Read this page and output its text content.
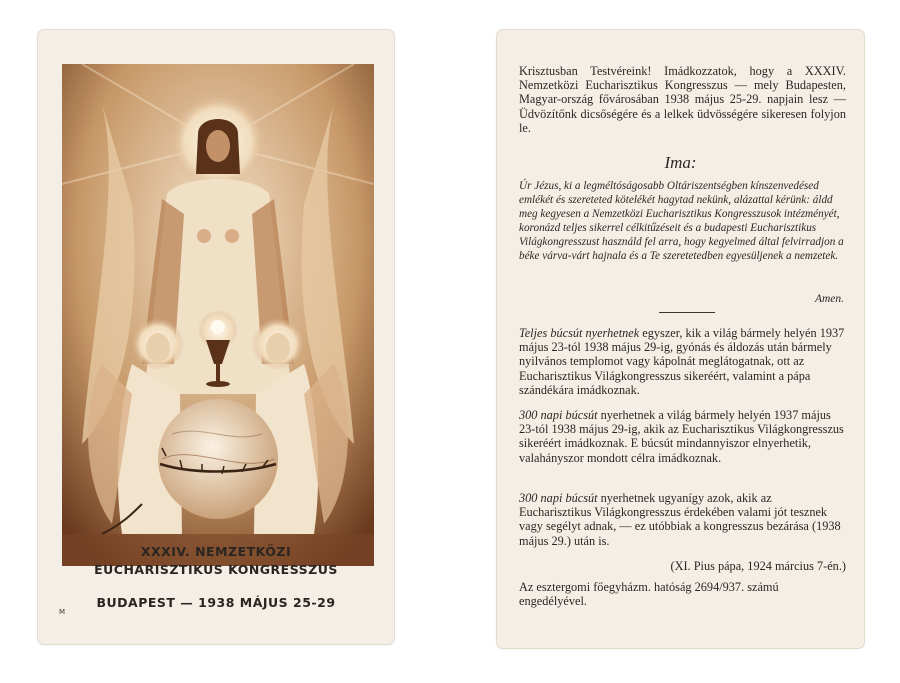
XXXIV. NEMZETKÖZI
EUCHARISZTIKUS KONGRESSZUS
BUDAPEST — 1938 MÁJUS 25-29
M

Krisztusban Testvéreink! Imádkozzatok, hogy a XXXIV. Nemzetközi Eucharisztikus Kongresszus — mely Budapesten, Magyar-ország fővárosában 1938 május 25-29. napjain lesz — Üdvözítőnk dicsőségére és a lelkek üdvösségére sikeresen folyjon le.

Ima:

Úr Jézus, ki a legméltóságosabb Oltáriszentségben kínszenvedésed emlékét és szereteted kötelékét hagytad nekünk, alázattal kérünk: áldd meg kegyesen a Nemzetközi Eucharisztikus Kongresszusok intézményét, koronázd teljes sikerrel célkitűzéseit és a budapesti Eucharisztikus Világkongresszust használd fel arra, hogy kegyelmed által felvirradjon a béke várva-várt hajnala és a Te szeretetedben egyesüljenek a nemzetek.

Amen.

Teljes búcsút nyerhetnek egyszer, kik a világ bármely helyén 1937 május 23-tól 1938 május 29-ig, gyónás és áldozás után bármely nyilvános templomot vagy kápolnát meglátogatnak, ott az Eucharisztikus Világkongresszus sikeréért, valamint a pápa szándékára imádkoznak.

300 napi búcsút nyerhetnek a világ bármely helyén 1937 május 23-tól 1938 május 29-ig, akik az Eucharisztikus Világkongresszus sikeréért imádkoznak. E búcsút mindannyiszor elnyerhetik, valahányszor mondott célra imádkoznak.

300 napi búcsút nyerhetnek ugyanígy azok, akik az Eucharisztikus Világkongresszus érdekében valami jót tesznek vagy segélyt adnak, — ez utóbbiak a kongresszus bezárása (1938 május 29.) után is.

(XI. Pius pápa, 1924 március 7-én.)

Az esztergomi főegyházm. hatóság 2694/937. számú engedélyével.
